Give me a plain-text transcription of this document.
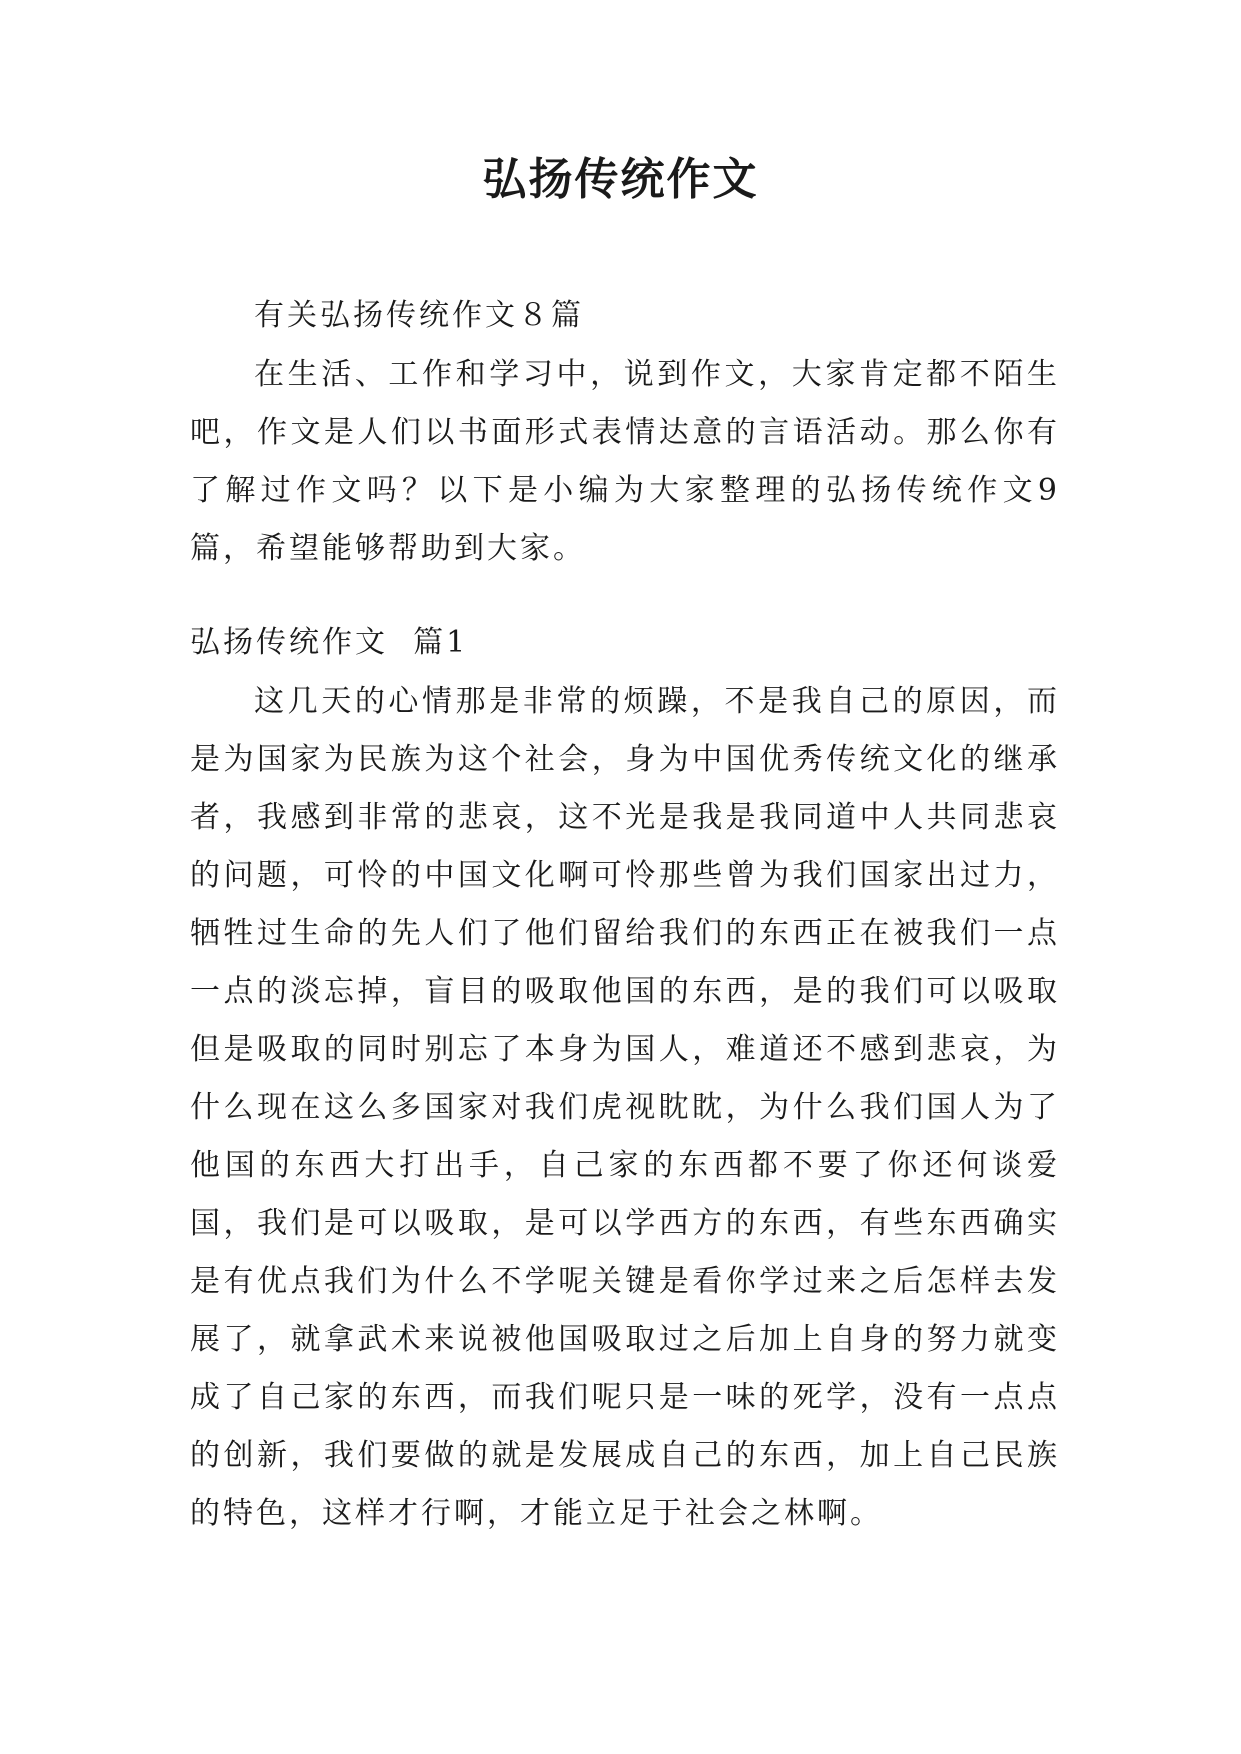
弘扬传统作文

有关弘扬传统作文８篇

在生活、工作和学习中，说到作文，大家肯定都不陌生吧，作文是人们以书面形式表情达意的言语活动。那么你有了解过作文吗？以下是小编为大家整理的弘扬传统作文9篇，希望能够帮助到大家。

弘扬传统作文  篇1

这几天的心情那是非常的烦躁，不是我自己的原因，而是为国家为民族为这个社会，身为中国优秀传统文化的继承者，我感到非常的悲哀，这不光是我是我同道中人共同悲哀的问题，可怜的中国文化啊可怜那些曾为我们国家出过力，牺牲过生命的先人们了他们留给我们的东西正在被我们一点一点的淡忘掉，盲目的吸取他国的东西，是的我们可以吸取但是吸取的同时别忘了本身为国人，难道还不感到悲哀，为什么现在这么多国家对我们虎视眈眈，为什么我们国人为了他国的东西大打出手，自己家的东西都不要了你还何谈爱国，我们是可以吸取，是可以学西方的东西，有些东西确实是有优点我们为什么不学呢关键是看你学过来之后怎样去发展了，就拿武术来说被他国吸取过之后加上自身的努力就变成了自己家的东西，而我们呢只是一味的死学，没有一点点的创新，我们要做的就是发展成自己的东西，加上自己民族的特色，这样才行啊，才能立足于社会之林啊。
